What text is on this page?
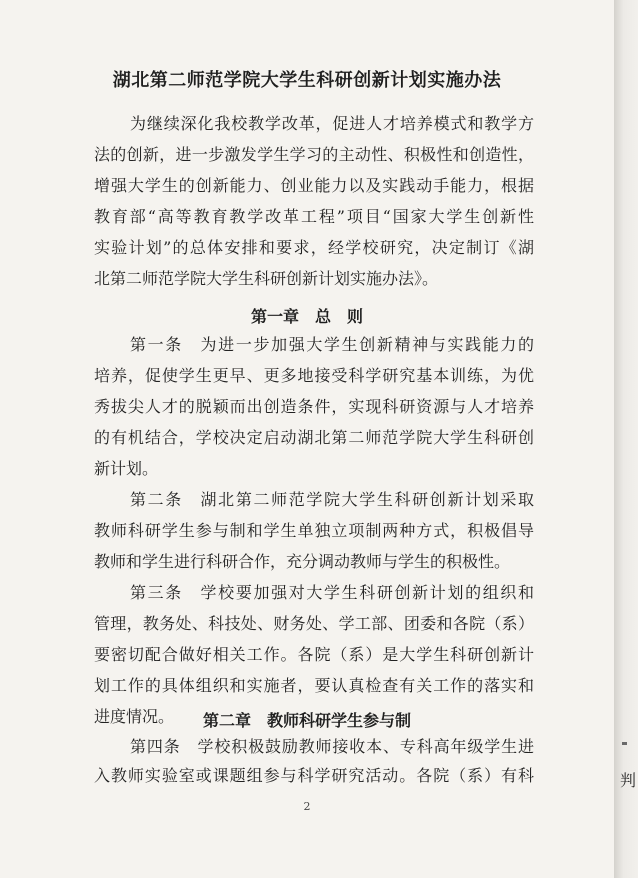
湖北第二师范学院大学生科研创新计划实施办法
为继续深化我校教学改革，促进人才培养模式和教学方
法的创新，进一步激发学生学习的主动性、积极性和创造性，
增强大学生的创新能力、创业能力以及实践动手能力，根据
教育部“高等教育教学改革工程”项目“国家大学生创新性
实验计划”的总体安排和要求，经学校研究，决定制订《湖
北第二师范学院大学生科研创新计划实施办法》。
第一章　总　则
第一条　为进一步加强大学生创新精神与实践能力的
培养，促使学生更早、更多地接受科学研究基本训练，为优
秀拔尖人才的脱颖而出创造条件，实现科研资源与人才培养
的有机结合，学校决定启动湖北第二师范学院大学生科研创
新计划。
第二条　湖北第二师范学院大学生科研创新计划采取
教师科研学生参与制和学生单独立项制两种方式，积极倡导
教师和学生进行科研合作，充分调动教师与学生的积极性。
第三条　学校要加强对大学生科研创新计划的组织和
管理，教务处、科技处、财务处、学工部、团委和各院（系）
要密切配合做好相关工作。各院（系）是大学生科研创新计
划工作的具体组织和实施者，要认真检查有关工作的落实和
进度情况。
2
第二章　教师科研学生参与制
第四条　学校积极鼓励教师接收本、专科高年级学生进
入教师实验室或课题组参与科学研究活动。各院（系）有科	判
